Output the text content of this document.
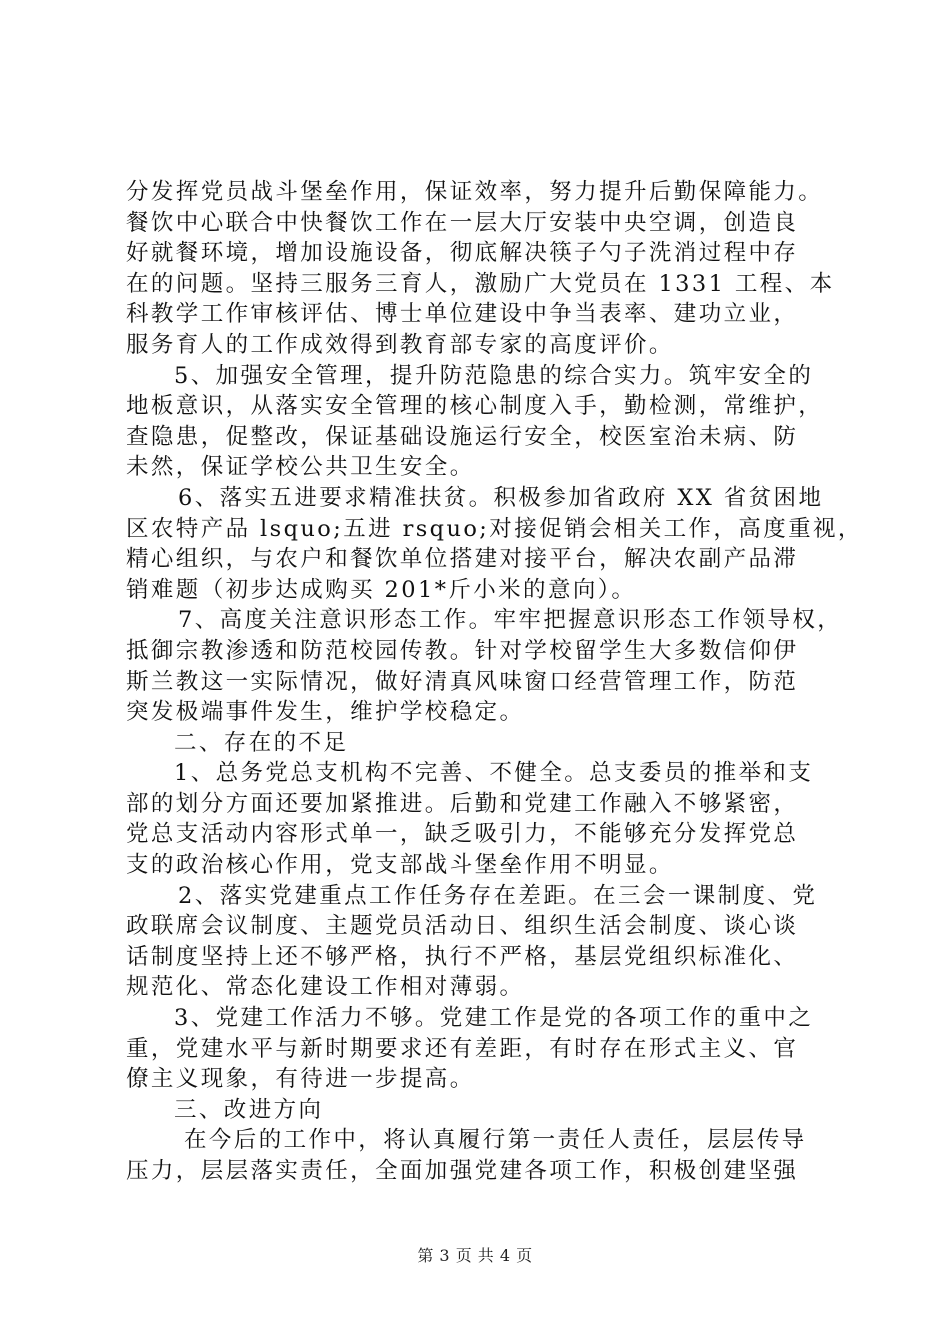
分发挥党员战斗堡垒作用，保证效率，努力提升后勤保障能力。
餐饮中心联合中快餐饮工作在一层大厅安装中央空调，创造良
好就餐环境，增加设施设备，彻底解决筷子勺子洗消过程中存
在的问题。坚持三服务三育人，激励广大党员在 1331 工程、本
科教学工作审核评估、博士单位建设中争当表率、建功立业，
服务育人的工作成效得到教育部专家的高度评价。
5、加强安全管理，提升防范隐患的综合实力。筑牢安全的
地板意识，从落实安全管理的核心制度入手，勤检测，常维护，
查隐患，促整改，保证基础设施运行安全，校医室治未病、防
未然，保证学校公共卫生安全。
6、落实五进要求精准扶贫。积极参加省政府 XX 省贫困地
区农特产品 lsquo;五进 rsquo;对接促销会相关工作，高度重视，
精心组织，与农户和餐饮单位搭建对接平台，解决农副产品滞
销难题（初步达成购买 201*斤小米的意向）。
7、高度关注意识形态工作。牢牢把握意识形态工作领导权，
抵御宗教渗透和防范校园传教。针对学校留学生大多数信仰伊
斯兰教这一实际情况，做好清真风味窗口经营管理工作，防范
突发极端事件发生，维护学校稳定。
二、存在的不足
1、总务党总支机构不完善、不健全。总支委员的推举和支
部的划分方面还要加紧推进。后勤和党建工作融入不够紧密，
党总支活动内容形式单一，缺乏吸引力，不能够充分发挥党总
支的政治核心作用，党支部战斗堡垒作用不明显。
2、落实党建重点工作任务存在差距。在三会一课制度、党
政联席会议制度、主题党员活动日、组织生活会制度、谈心谈
话制度坚持上还不够严格，执行不严格，基层党组织标准化、
规范化、常态化建设工作相对薄弱。
3、党建工作活力不够。党建工作是党的各项工作的重中之
重，党建水平与新时期要求还有差距，有时存在形式主义、官
僚主义现象，有待进一步提高。
三、改进方向
在今后的工作中，将认真履行第一责任人责任，层层传导
压力，层层落实责任，全面加强党建各项工作，积极创建坚强
第 3 页 共 4 页
